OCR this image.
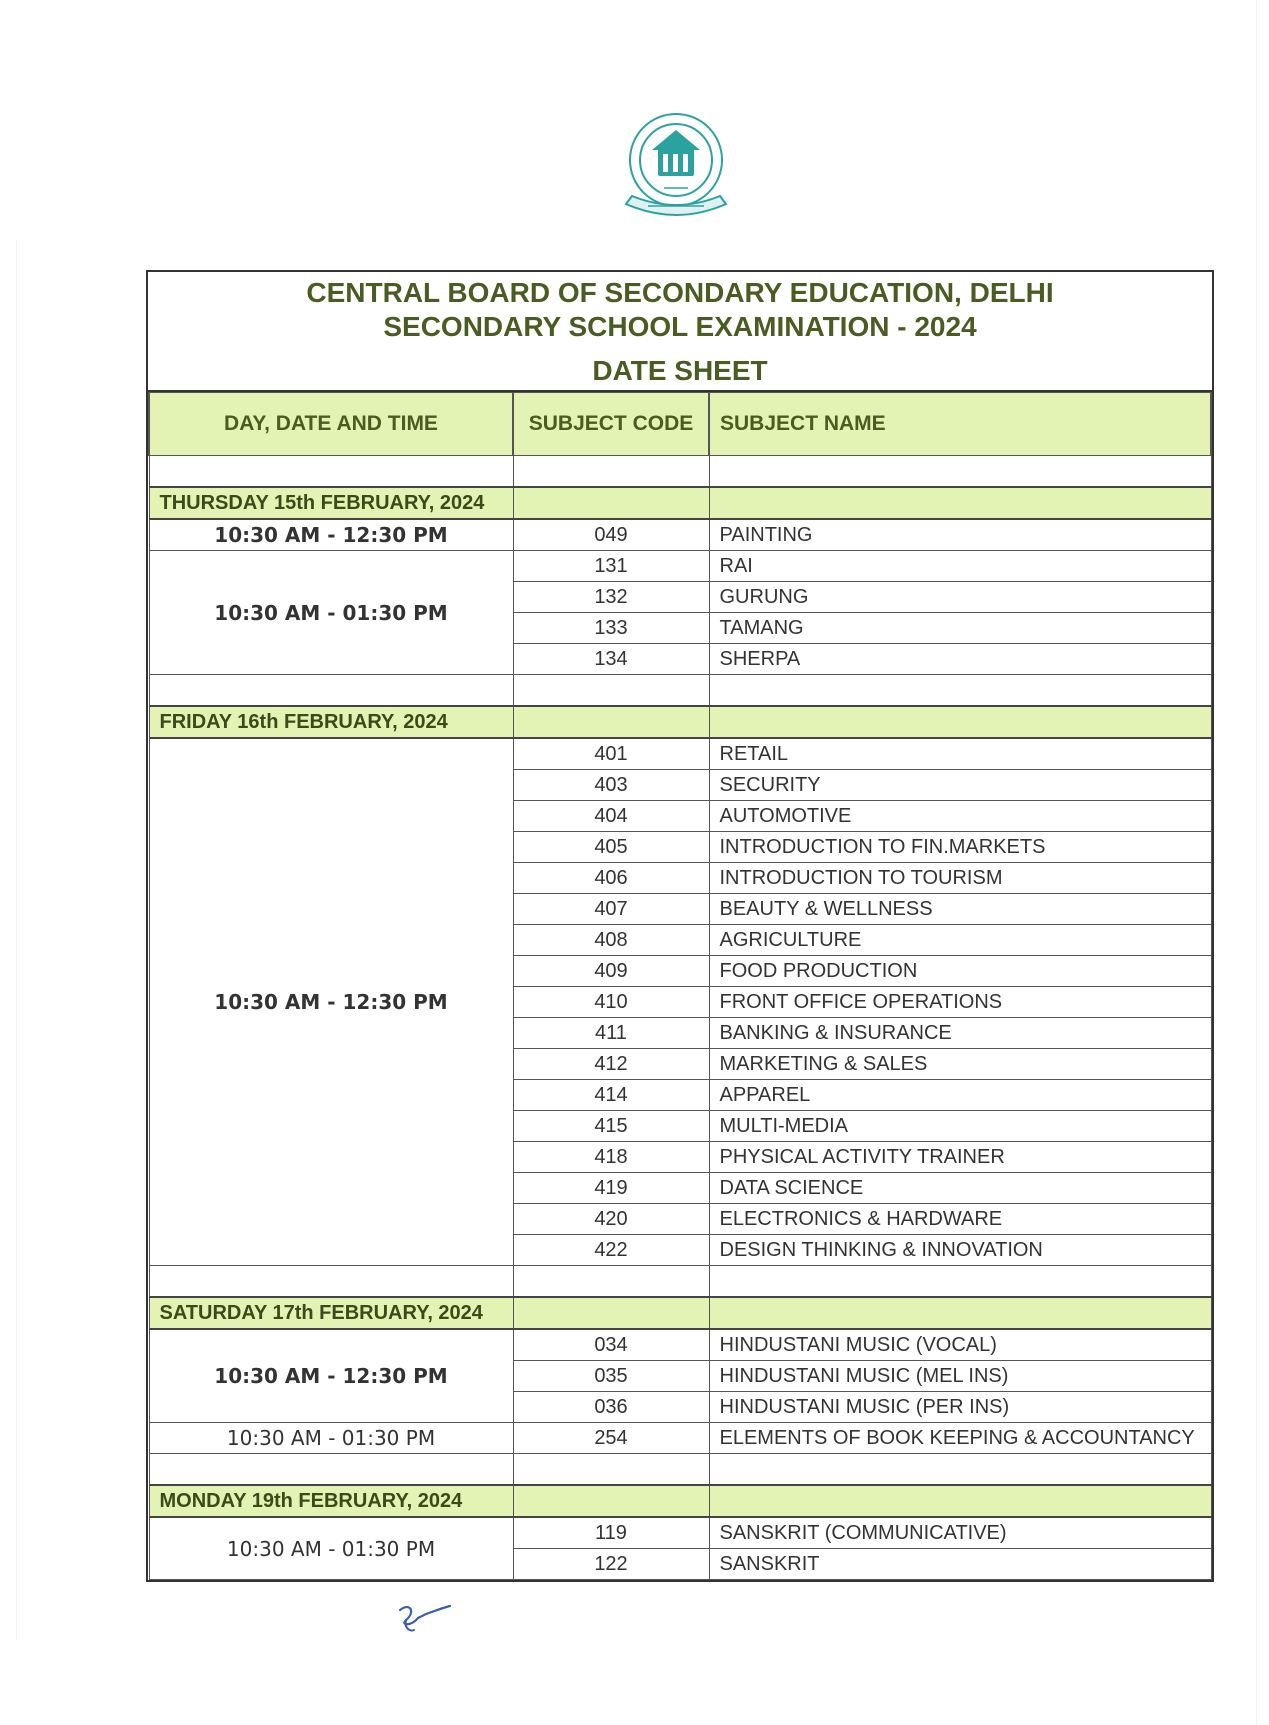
CENTRAL BOARD OF SECONDARY EDUCATION, DELHI
SECONDARY SCHOOL EXAMINATION - 2024
DATE SHEET
DAY, DATE AND TIME	SUBJECT CODE	SUBJECT NAME

THURSDAY 15th FEBRUARY, 2024		
10:30 AM - 12:30 PM	049	PAINTING
10:30 AM - 01:30 PM	131	RAI
	132	GURUNG
	133	TAMANG
	134	SHERPA

FRIDAY 16th FEBRUARY, 2024		
10:30 AM - 12:30 PM	401	RETAIL
	403	SECURITY
	404	AUTOMOTIVE
	405	INTRODUCTION TO FIN.MARKETS
	406	INTRODUCTION TO TOURISM
	407	BEAUTY & WELLNESS
	408	AGRICULTURE
	409	FOOD PRODUCTION
	410	FRONT OFFICE OPERATIONS
	411	BANKING & INSURANCE
	412	MARKETING & SALES
	414	APPAREL
	415	MULTI-MEDIA
	418	PHYSICAL ACTIVITY TRAINER
	419	DATA SCIENCE
	420	ELECTRONICS & HARDWARE
	422	DESIGN THINKING & INNOVATION

SATURDAY 17th FEBRUARY, 2024		
10:30 AM - 12:30 PM	034	HINDUSTANI MUSIC (VOCAL)
	035	HINDUSTANI MUSIC (MEL INS)
	036	HINDUSTANI MUSIC (PER INS)
10:30 AM - 01:30 PM	254	ELEMENTS OF BOOK KEEPING & ACCOUNTANCY

MONDAY 19th FEBRUARY, 2024		
10:30 AM - 01:30 PM	119	SANSKRIT (COMMUNICATIVE)
	122	SANSKRIT
